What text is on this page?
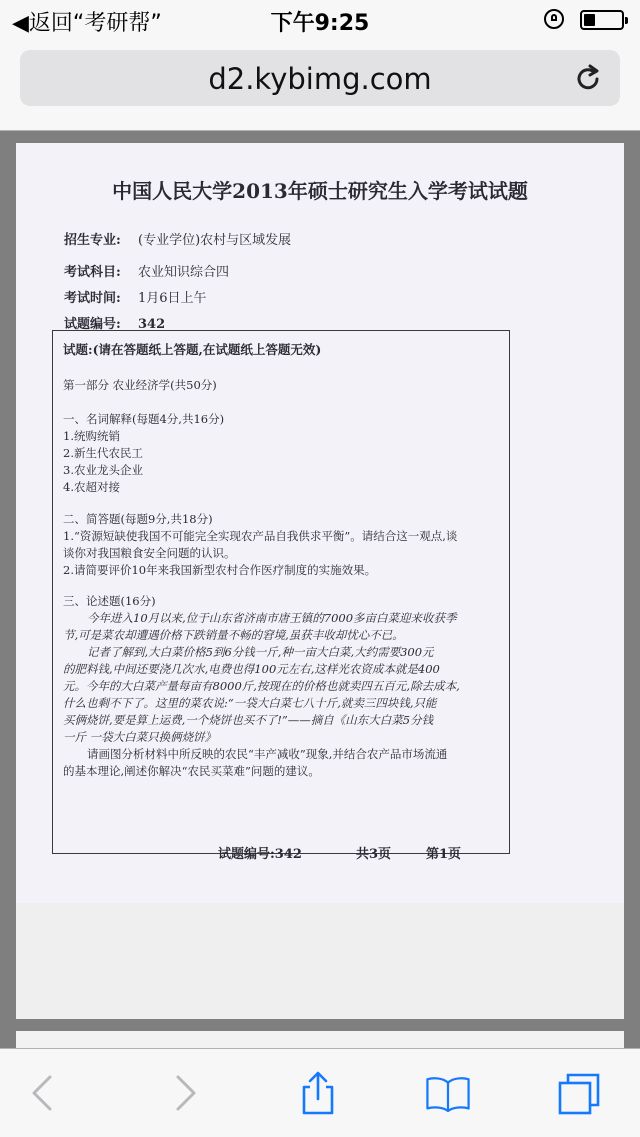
◀返回“考研帮”	下午9:25
d2.kybimg.com
中国人民大学2013年硕士研究生入学考试试题
招生专业: (专业学位)农村与区域发展
考试科目: 农业知识综合四
考试时间: 1月6日上午
试题编号: 342
试题:(请在答题纸上答题,在试题纸上答题无效)
第一部分 农业经济学(共50分)
一、名词解释(每题4分,共16分)
1.统购统销
2.新生代农民工
3.农业龙头企业
4.农超对接
二、简答题(每题9分,共18分)
1.“资源短缺使我国不可能完全实现农产品自我供求平衡”。请结合这一观点,谈
谈你对我国粮食安全问题的认识。
2.请简要评价10年来我国新型农村合作医疗制度的实施效果。
三、论述题(16分)
今年进入10月以来,位于山东省济南市唐王镇的7000多亩白菜迎来收获季
节,可是菜农却遭遇价格下跌销量不畅的窘境,虽获丰收却忧心不已。
记者了解到,大白菜价格5到6分钱一斤,种一亩大白菜,大约需要300元
的肥料钱,中间还要浇几次水,电费也得100元左右,这样光农资成本就是400
元。今年的大白菜产量每亩有8000斤,按现在的价格也就卖四五百元,除去成本,
什么也剩不下了。这里的菜农说:“一袋大白菜七八十斤,就卖三四块钱,只能
买俩烧饼,要是算上运费,一个烧饼也买不了!”——摘自《山东大白菜5分钱
一斤 一袋大白菜只换俩烧饼》
请画图分析材料中所反映的农民“丰产减收”现象,并结合农产品市场流通
的基本理论,阐述你解决“农民买菜难”问题的建议。
试题编号:342	共3页	第1页
